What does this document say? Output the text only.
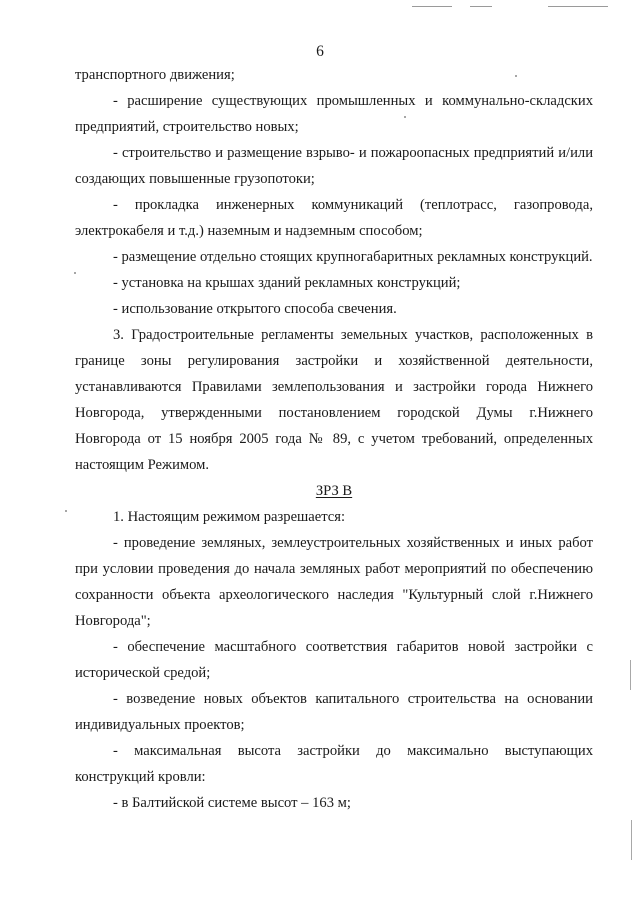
6

транспортного движения;

- расширение существующих промышленных и коммунально-складских предприятий, строительство новых;

- строительство и размещение взрыво- и пожароопасных предприятий и/или создающих повышенные грузопотоки;

- прокладка инженерных коммуникаций (теплотрасс, газопровода, электрокабеля и т.д.) наземным и надземным способом;

- размещение отдельно стоящих крупногабаритных рекламных конструкций.

- установка на крышах зданий рекламных конструкций;

- использование открытого способа свечения.

3. Градостроительные регламенты земельных участков, расположенных в границе зоны регулирования застройки и хозяйственной деятельности, устанавливаются Правилами землепользования и застройки города Нижнего Новгорода, утвержденными постановлением городской Думы г.Нижнего Новгорода от 15 ноября 2005 года № 89, с учетом требований, определенных настоящим Режимом.

ЗРЗ В

1. Настоящим режимом разрешается:

- проведение земляных, землеустроительных хозяйственных и иных работ при условии проведения до начала земляных работ мероприятий по обеспечению сохранности объекта археологического наследия "Культурный слой г.Нижнего Новгорода";

- обеспечение масштабного соответствия габаритов новой застройки с исторической средой;

- возведение новых объектов капитального строительства на основании индивидуальных проектов;

- максимальная высота застройки до максимально выступающих конструкций кровли:

- в Балтийской системе высот – 163 м;
